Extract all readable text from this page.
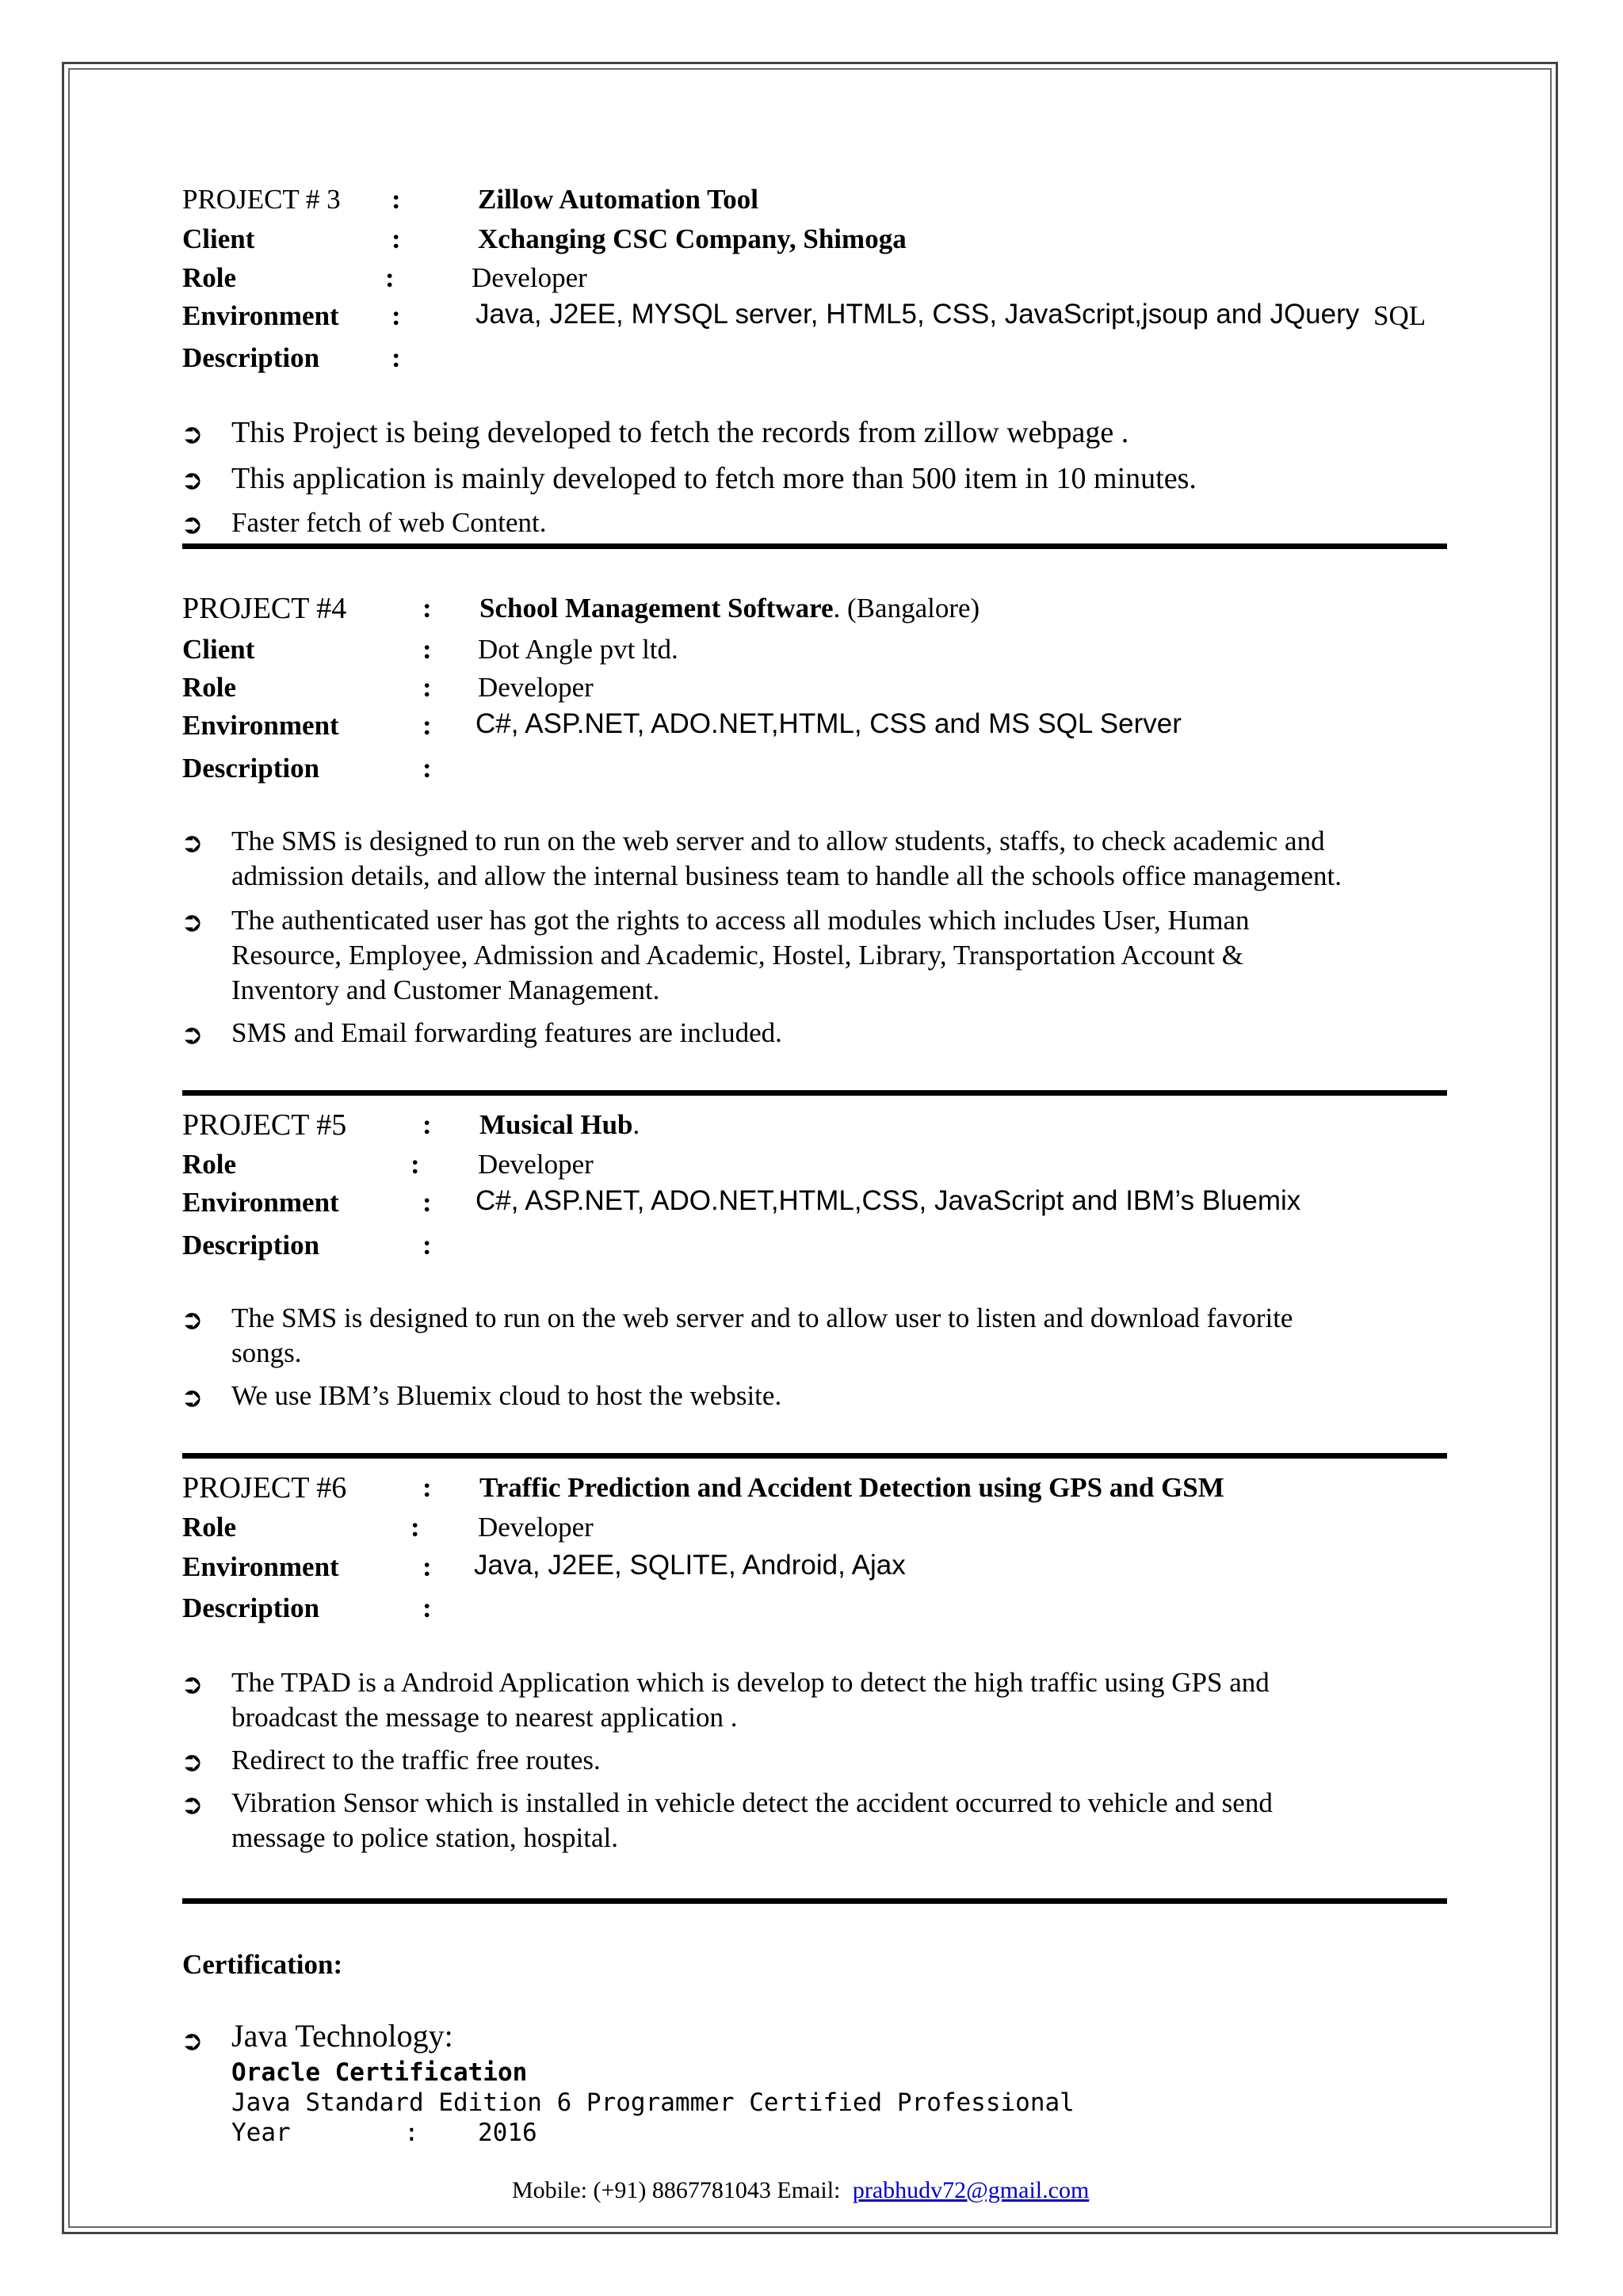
PROJECT # 3 :	Zillow Automation Tool
Client	:	Xchanging CSC Company, Shimoga
Role	:	Developer
Environment :	Java, J2EE, MYSQL server, HTML5, CSS, JavaScript,jsoup and JQuery SQL
Description	:
➲ This Project is being developed to fetch the records from zillow webpage .
➲ This application is mainly developed to fetch more than 500 item in 10 minutes.
➲ Faster fetch of web Content.
PROJECT #4	: School Management Software. (Bangalore)
Client	: Dot Angle pvt ltd.
Role	: Developer
Environment	: C#, ASP.NET, ADO.NET,HTML, CSS and MS SQL Server
Description	:
➲ The SMS is designed to run on the web server and to allow students, staffs, to check academic and
admission details, and allow the internal business team to handle all the schools office management.
➲ The authenticated user has got the rights to access all modules which includes User, Human
Resource, Employee, Admission and Academic, Hostel, Library, Transportation Account &
Inventory and Customer Management.
➲ SMS and Email forwarding features are included.
PROJECT #5	: Musical Hub.
Role	: Developer
Environment	: C#, ASP.NET, ADO.NET,HTML,CSS, JavaScript and IBM’s Bluemix
Description	:
➲ The SMS is designed to run on the web server and to allow user to listen and download favorite
songs.
➲ We use IBM’s Bluemix cloud to host the website.
PROJECT #6	: Traffic Prediction and Accident Detection using GPS and GSM
Role	: Developer
Environment	: Java, J2EE, SQLITE, Android, Ajax
Description	:
➲ The TPAD is a Android Application which is develop to detect the high traffic using GPS and
broadcast the message to nearest application .
➲ Redirect to the traffic free routes.
➲ Vibration Sensor which is installed in vehicle detect the accident occurred to vehicle and send
message to police station, hospital.
Certification:
➲ Java Technology:
Oracle Certification
Java Standard Edition 6 Programmer Certified Professional
Year	: 2016
Mobile: (+91) 8867781043 Email: prabhudv72@gmail.com
